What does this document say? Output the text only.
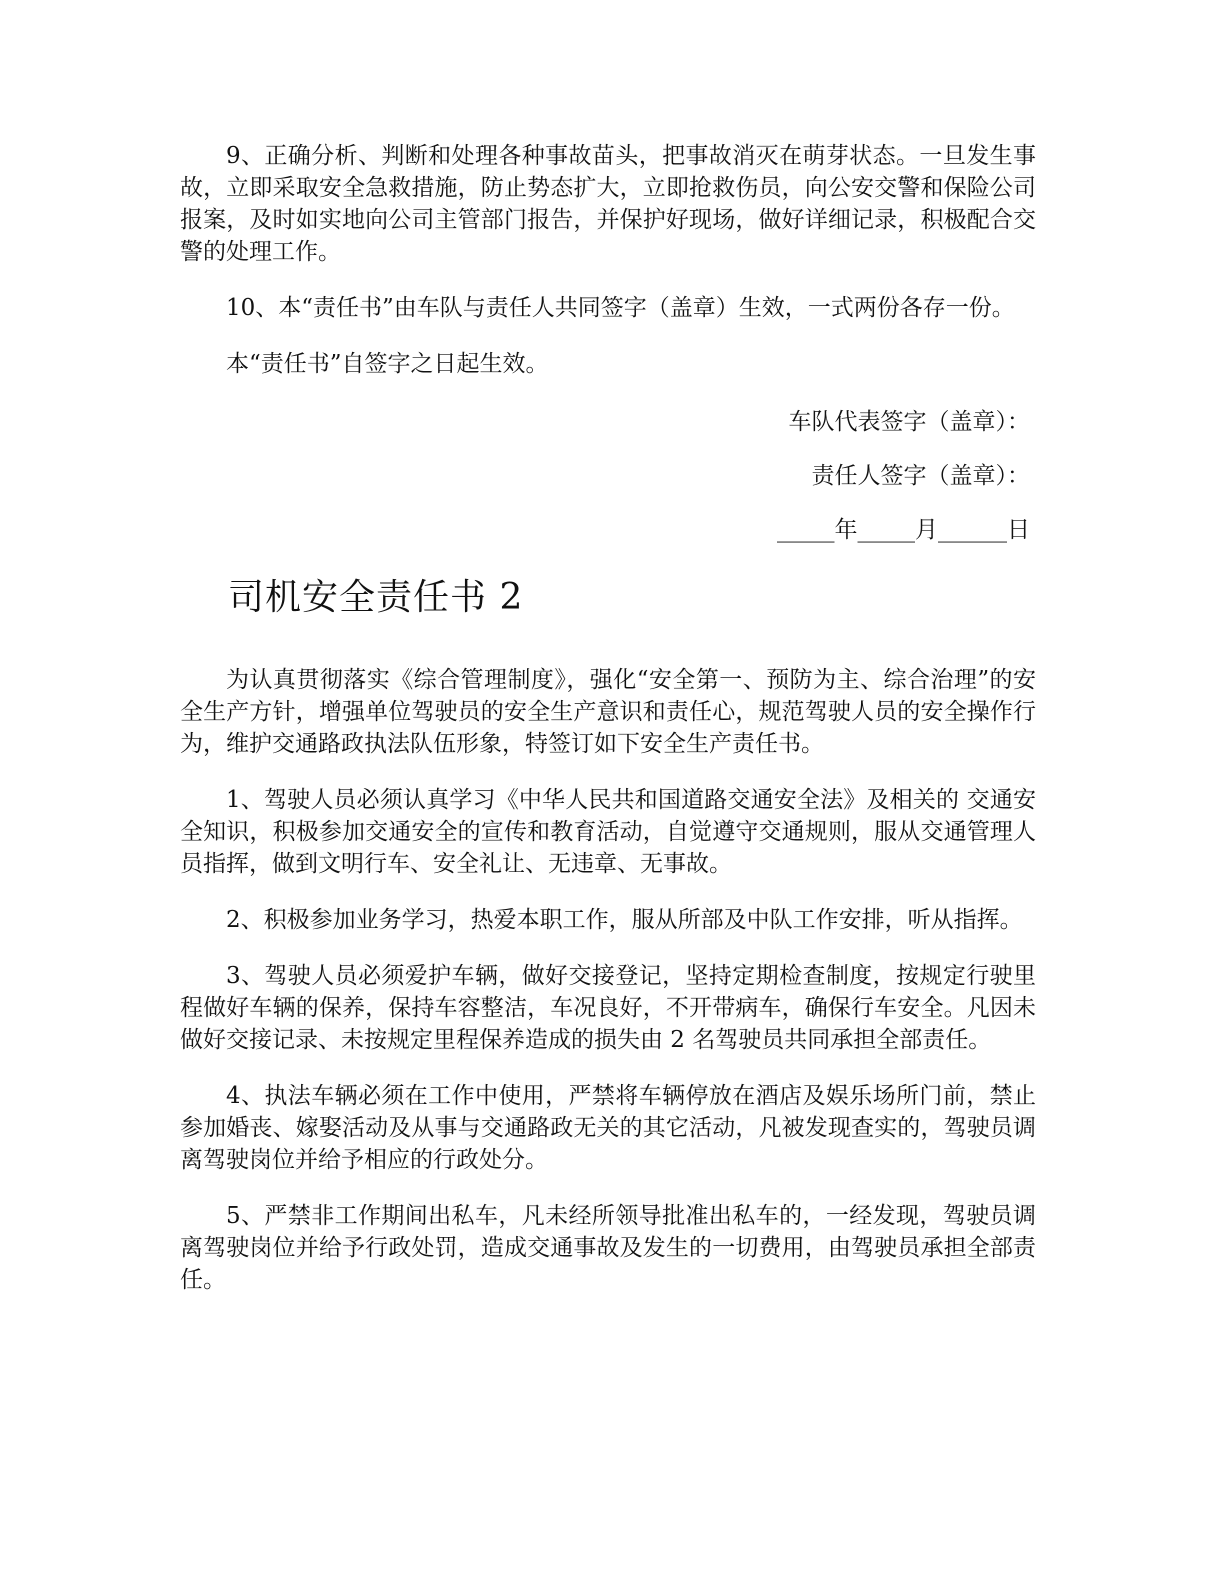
9、正确分析、判断和处理各种事故苗头，把事故消灭在萌芽状态。一旦发生事故，立即采取安全急救措施，防止势态扩大，立即抢救伤员，向公安交警和保险公司报案，及时如实地向公司主管部门报告，并保护好现场，做好详细记录，积极配合交警的处理工作。

10、本“责任书”由车队与责任人共同签字（盖章）生效，一式两份各存一份。

本“责任书”自签字之日起生效。

车队代表签字（盖章）：

责任人签字（盖章）：

_____年_____月______日

司机安全责任书 2

为认真贯彻落实《综合管理制度》，强化“安全第一、预防为主、综合治理”的安全生产方针，增强单位驾驶员的安全生产意识和责任心，规范驾驶人员的安全操作行为，维护交通路政执法队伍形象，特签订如下安全生产责任书。

1、驾驶人员必须认真学习《中华人民共和国道路交通安全法》及相关的 交通安全知识，积极参加交通安全的宣传和教育活动，自觉遵守交通规则，服从交通管理人员指挥，做到文明行车、安全礼让、无违章、无事故。

2、积极参加业务学习，热爱本职工作，服从所部及中队工作安排，听从指挥。

3、驾驶人员必须爱护车辆，做好交接登记，坚持定期检查制度，按规定行驶里程做好车辆的保养，保持车容整洁，车况良好，不开带病车，确保行车安全。凡因未做好交接记录、未按规定里程保养造成的损失由 2 名驾驶员共同承担全部责任。

4、执法车辆必须在工作中使用，严禁将车辆停放在酒店及娱乐场所门前，禁止参加婚丧、嫁娶活动及从事与交通路政无关的其它活动，凡被发现查实的，驾驶员调离驾驶岗位并给予相应的行政处分。

5、严禁非工作期间出私车，凡未经所领导批准出私车的，一经发现，驾驶员调离驾驶岗位并给予行政处罚，造成交通事故及发生的一切费用，由驾驶员承担全部责任。
